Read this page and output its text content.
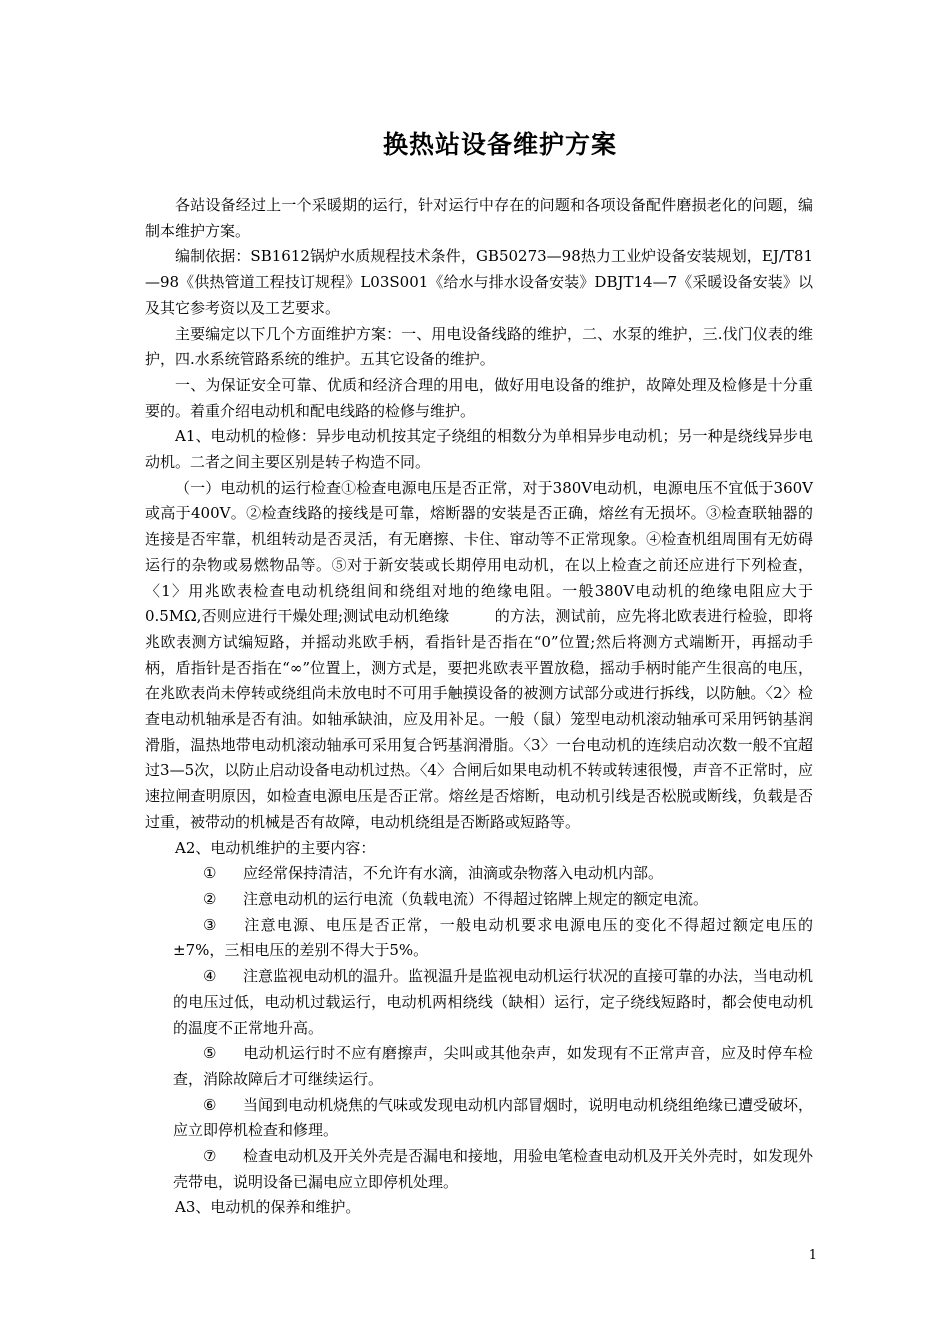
换热站设备维护方案

各站设备经过上一个采暖期的运行，针对运行中存在的问题和各项设备配件磨损老化的问题，编制本维护方案。

编制依据：SB1612锅炉水质规程技术条件，GB50273—98热力工业炉设备安装规划，EJ/T81—98《供热管道工程技订规程》L03S001《给水与排水设备安装》DBJT14—7《采暖设备安装》以及其它参考资以及工艺要求。

主要编定以下几个方面维护方案：一、用电设备线路的维护，二、水泵的维护，三.伐门仪表的维护，四.水系统管路系统的维护。五其它设备的维护。

一、为保证安全可靠、优质和经济合理的用电，做好用电设备的维护，故障处理及检修是十分重要的。着重介绍电动机和配电线路的检修与维护。

A1、电动机的检修：异步电动机按其定子绕组的相数分为单相异步电动机；另一种是绕线异步电动机。二者之间主要区别是转子构造不同。

（一）电动机的运行检查①检查电源电压是否正常，对于380V电动机，电源电压不宜低于360V或高于400V。②检查线路的接线是可靠，熔断器的安装是否正确，熔丝有无损坏。③检查联轴器的连接是否牢靠，机组转动是否灵活，有无磨擦、卡住、窜动等不正常现象。④检查机组周围有无妨碍运行的杂物或易燃物品等。⑤对于新安装或长期停用电动机，在以上检查之前还应进行下列检查，〈1〉用兆欧表检查电动机绕组间和绕组对地的绝缘电阻。一般380V电动机的绝缘电阻应大于0.5MΩ,否则应进行干燥处理;测试电动机绝缘　　　的方法，测试前，应先将北欧表进行检验，即将兆欧表测方试编短路，并摇动兆欧手柄，看指针是否指在“0”位置;然后将测方式端断开，再摇动手柄，盾指针是否指在“∞”位置上，测方式是，要把兆欧表平置放稳，摇动手柄时能产生很高的电压，在兆欧表尚未停转或绕组尚未放电时不可用手触摸设备的被测方试部分或进行拆线，以防触。〈2〉检查电动机轴承是否有油。如轴承缺油，应及用补足。一般（鼠）笼型电动机滚动轴承可采用钙钠基润滑脂，温热地带电动机滚动轴承可采用复合钙基润滑脂。〈3〉一台电动机的连续启动次数一般不宜超过3—5次，以防止启动设备电动机过热。〈4〉合闸后如果电动机不转或转速很慢，声音不正常时，应速拉闸查明原因，如检查电源电压是否正常。熔丝是否熔断，电动机引线是否松脱或断线，负载是否过重，被带动的机械是否有故障，电动机绕组是否断路或短路等。

A2、电动机维护的主要内容：

① 应经常保持清洁，不允许有水滴，油滴或杂物落入电动机内部。

② 注意电动机的运行电流（负载电流）不得超过铭牌上规定的额定电流。

③ 注意电源、电压是否正常，一般电动机要求电源电压的变化不得超过额定电压的±7%，三相电压的差别不得大于5%。

④ 注意监视电动机的温升。监视温升是监视电动机运行状况的直接可靠的办法，当电动机的电压过低，电动机过载运行，电动机两相绕线（缺相）运行，定子绕线短路时，都会使电动机的温度不正常地升高。

⑤ 电动机运行时不应有磨擦声，尖叫或其他杂声，如发现有不正常声音，应及时停车检查，消除故障后才可继续运行。

⑥ 当闻到电动机烧焦的气味或发现电动机内部冒烟时，说明电动机绕组绝缘已遭受破坏，应立即停机检查和修理。

⑦ 检查电动机及开关外壳是否漏电和接地，用验电笔检查电动机及开关外壳时，如发现外壳带电，说明设备已漏电应立即停机处理。

A3、电动机的保养和维护。

1
